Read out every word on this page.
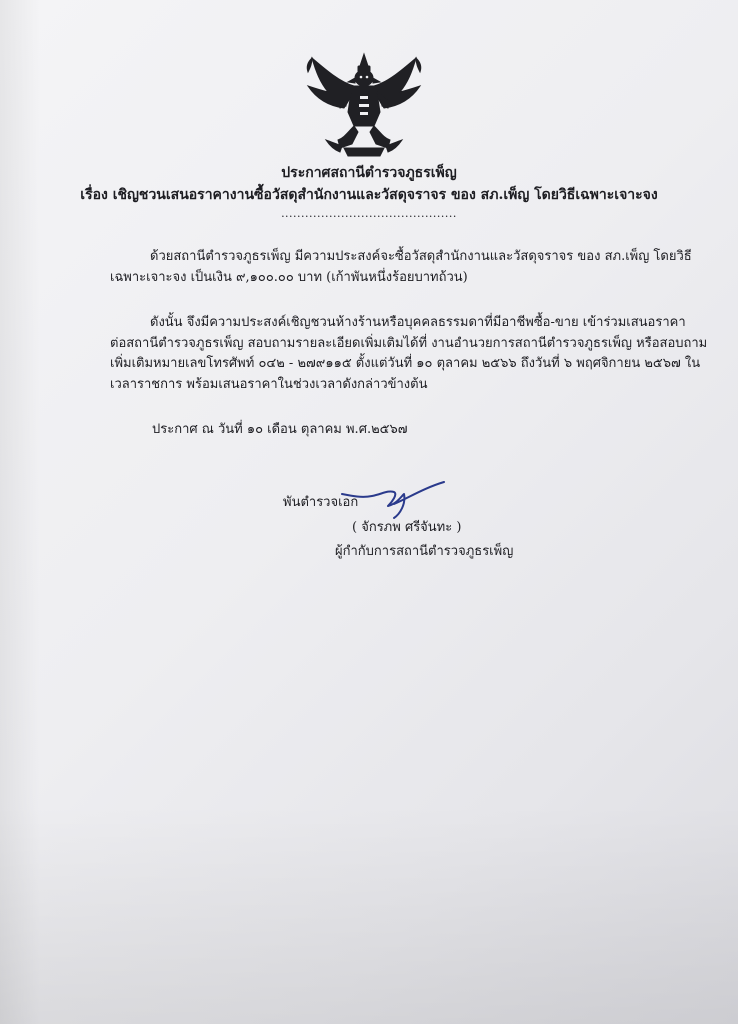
ประกาศสถานีตำรวจภูธรเพ็ญ
เรื่อง เชิญชวนเสนอราคางานซื้อวัสดุสำนักงานและวัสดุจราจร ของ สภ.เพ็ญ โดยวิธีเฉพาะเจาะจง
............................................
ด้วยสถานีตำรวจภูธรเพ็ญ มีความประสงค์จะซื้อวัสดุสำนักงานและวัสดุจราจร ของ สภ.เพ็ญ โดยวิธี
เฉพาะเจาะจง เป็นเงิน ๙,๑๐๐.๐๐ บาท (เก้าพันหนึ่งร้อยบาทถ้วน)
ดังนั้น จึงมีความประสงค์เชิญชวนห้างร้านหรือบุคคลธรรมดาที่มีอาชีพซื้อ-ขาย เข้าร่วมเสนอราคา
ต่อสถานีตำรวจภูธรเพ็ญ สอบถามรายละเอียดเพิ่มเติมได้ที่ งานอำนวยการสถานีตำรวจภูธรเพ็ญ หรือสอบถาม
เพิ่มเติมหมายเลขโทรศัพท์ ๐๔๒ - ๒๗๙๑๑๕ ตั้งแต่วันที่ ๑๐ ตุลาคม ๒๕๖๖ ถึงวันที่ ๖ พฤศจิกายน ๒๕๖๗ ใน
เวลาราชการ พร้อมเสนอราคาในช่วงเวลาดังกล่าวข้างต้น
ประกาศ ณ วันที่ ๑๐ เดือน ตุลาคม พ.ศ.๒๕๖๗
พันตำรวจเอก
( จักรภพ ศรีจันทะ )
ผู้กำกับการสถานีตำรวจภูธรเพ็ญ
